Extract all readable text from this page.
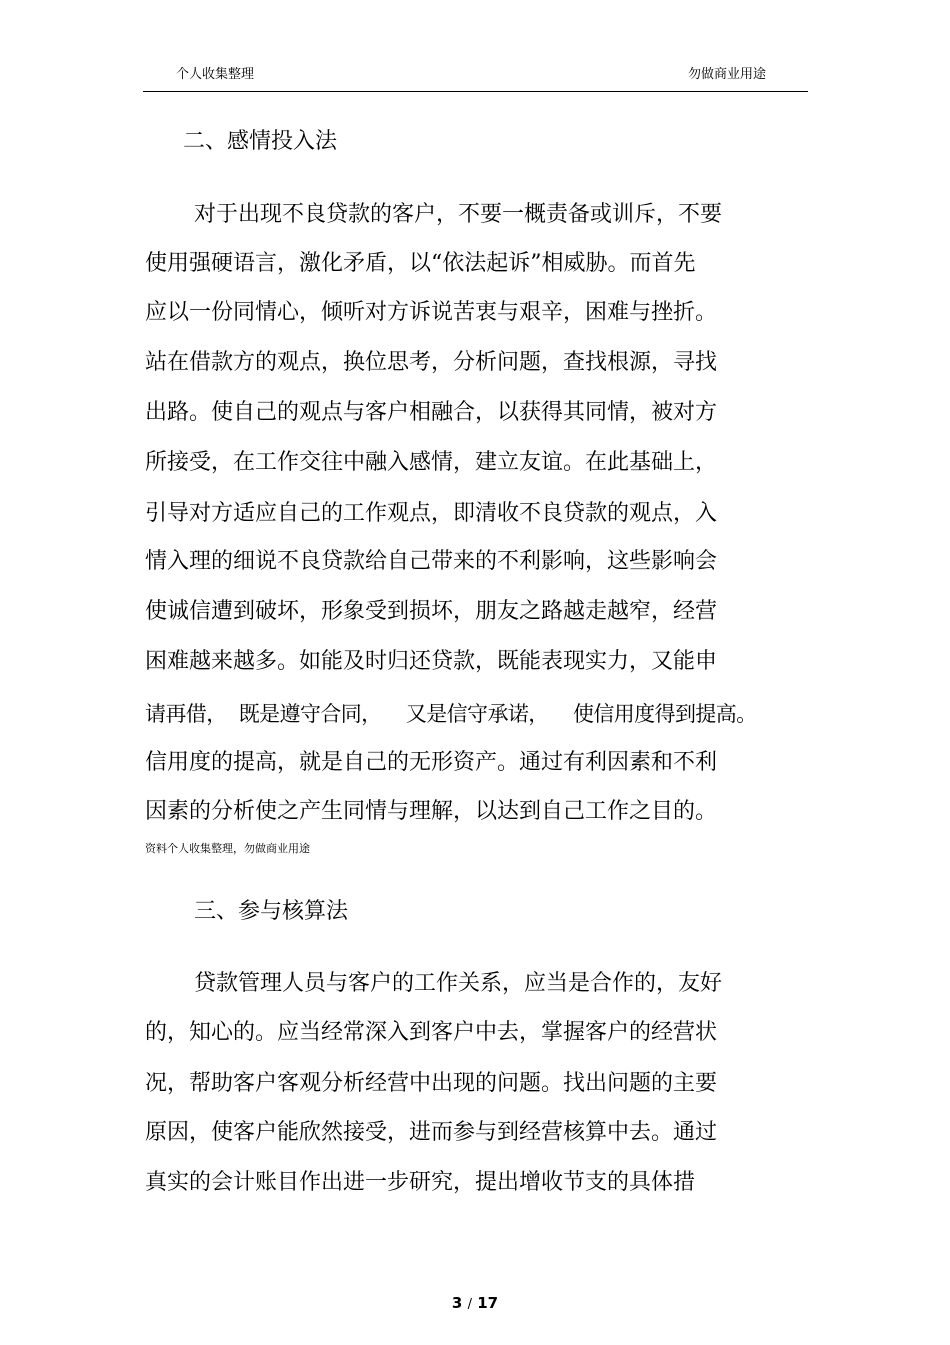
个人收集整理	勿做商业用途
二、感情投入法
对于出现不良贷款的客户，不要一概责备或训斥，不要
使用强硬语言，激化矛盾，以“依法起诉”相威胁。而首先
应以一份同情心，倾听对方诉说苦衷与艰辛，困难与挫折。
站在借款方的观点，换位思考，分析问题，查找根源，寻找
出路。使自己的观点与客户相融合，以获得其同情，被对方
所接受，在工作交往中融入感情，建立友谊。在此基础上，
引导对方适应自己的工作观点，即清收不良贷款的观点，入
情入理的细说不良贷款给自己带来的不利影响，这些影响会
使诚信遭到破坏，形象受到损坏，朋友之路越走越窄，经营
困难越来越多。如能及时归还贷款，既能表现实力，又能申
请再借，  既是遵守合同，    又是信守承诺，    使信用度得到提高。
信用度的提高，就是自己的无形资产。通过有利因素和不利
因素的分析使之产生同情与理解，以达到自己工作之目的。
资料个人收集整理，勿做商业用途
三、参与核算法
贷款管理人员与客户的工作关系，应当是合作的，友好
的，知心的。应当经常深入到客户中去，掌握客户的经营状
况，帮助客户客观分析经营中出现的问题。找出问题的主要
原因，使客户能欣然接受，进而参与到经营核算中去。通过
真实的会计账目作出进一步研究，提出增收节支的具体措
3 / 17
